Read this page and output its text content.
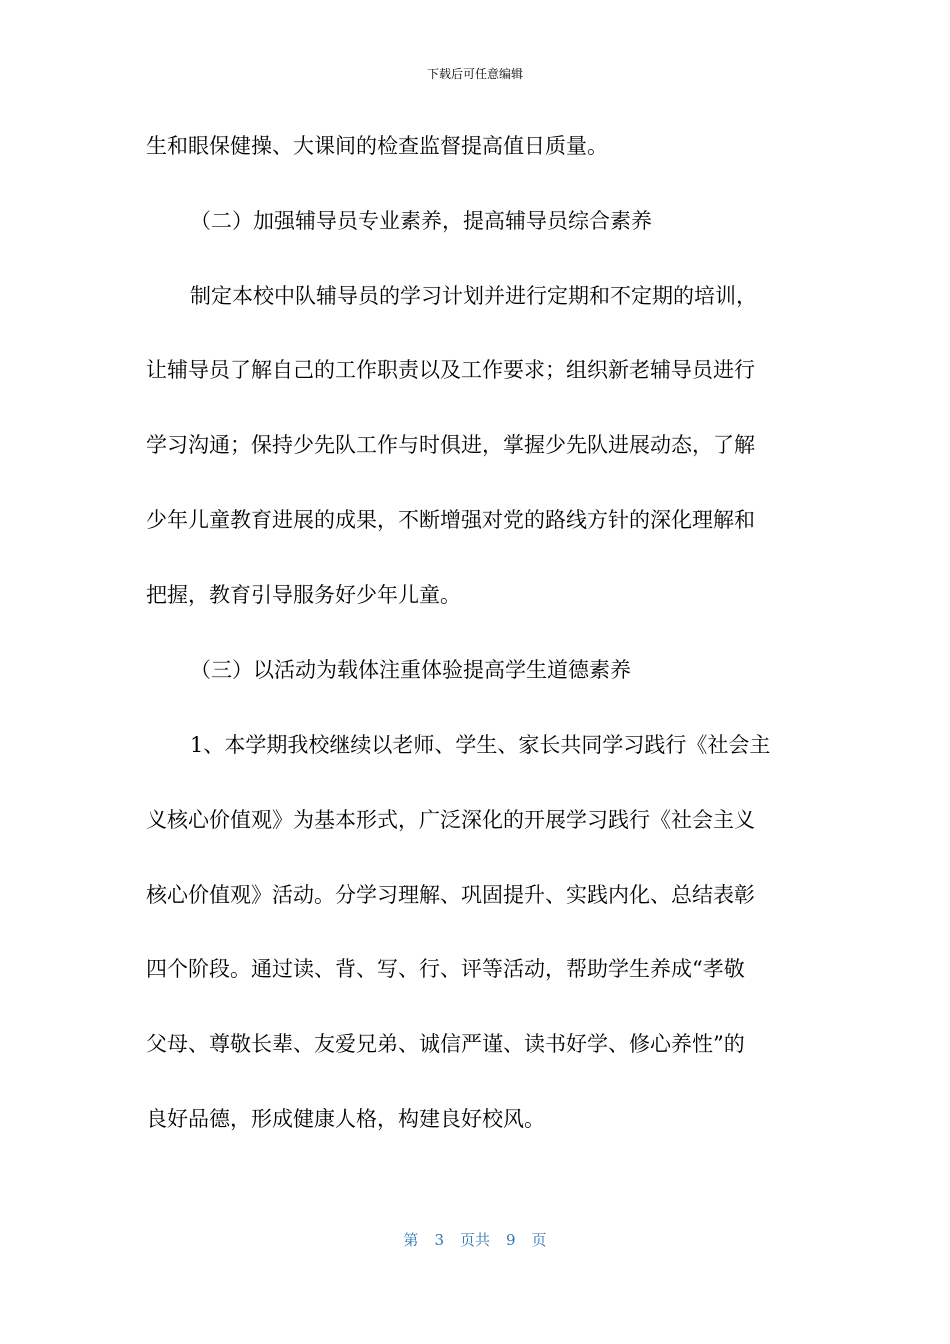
下载后可任意编辑
生和眼保健操、大课间的检查监督提高值日质量。
（二）加强辅导员专业素养，提高辅导员综合素养
制定本校中队辅导员的学习计划并进行定期和不定期的培训，
让辅导员了解自己的工作职责以及工作要求；组织新老辅导员进行
学习沟通；保持少先队工作与时俱进，掌握少先队进展动态，了解
少年儿童教育进展的成果，不断增强对党的路线方针的深化理解和
把握，教育引导服务好少年儿童。
（三）以活动为载体注重体验提高学生道德素养
1、本学期我校继续以老师、学生、家长共同学习践行《社会主
义核心价值观》为基本形式，广泛深化的开展学习践行《社会主义
核心价值观》活动。分学习理解、巩固提升、实践内化、总结表彰
四个阶段。通过读、背、写、行、评等活动，帮助学生养成“孝敬
父母、尊敬长辈、友爱兄弟、诚信严谨、读书好学、修心养性”的
良好品德，形成健康人格，构建良好校风。
第 3 页共 9 页
